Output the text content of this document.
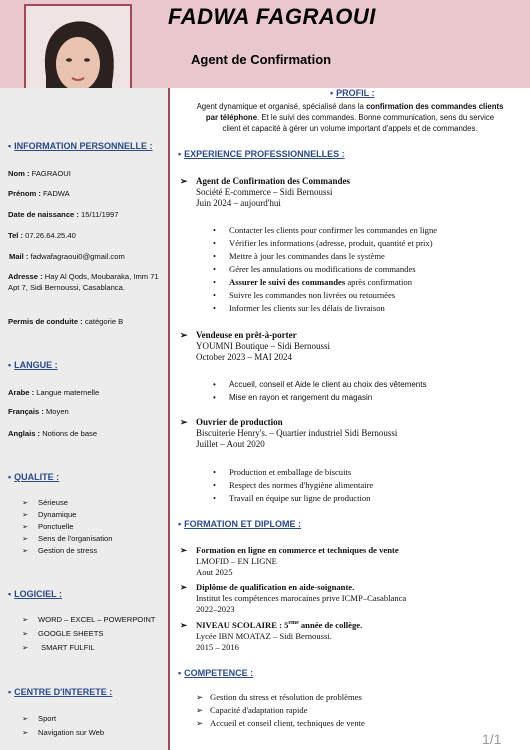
FADWA FAGRAOUI
Agent de Confirmation
• INFORMATION PERSONNELLE :
Nom : FAGRAOUI
Prénom : FADWA
Date de naissance : 15/11/1997
Tel : 07.26.64.25.40
Mail : fadwafagraoui0@gmail.com
Adresse : Hay Al Qods, Moubaraka, Imm 71 Apt 7, Sidi Bernoussi, Casablanca.
Permis de conduite : catégorie B
• LANGUE :
Arabe : Langue maternelle
Français : Moyen
Anglais : Notions de base
• QUALITE :
➢ Sérieuse
➢ Dynamique
➢ Ponctuelle
➢ Sens de l'organisation
➢ Gestion de stress
• LOGICIEL :
➢ WORD – EXCEL – POWERPOINT
➢ GOOGLE SHEETS
➢ SMART FULFIL
• CENTRE D'INTERETE :
➢ Sport
➢ Navigation sur Web
• PROFIL :
Agent dynamique et organisé, spécialisé dans la confirmation des commandes clients
par téléphone. Et le suivi des commandes. Bonne communication, sens du service
client et capacité à gérer un volume important d'appels et de commandes.
• EXPERIENCE PROFESSIONNELLES :
➢ Agent de Confirmation des Commandes
Société E-commerce – Sidi Bernoussi
Juin 2024 – aujourd'hui
• Contacter les clients pour confirmer les commandes en ligne
• Vérifier les informations (adresse, produit, quantité et prix)
• Mettre à jour les commandes dans le système
• Gérer les annulations ou modifications de commandes
• Assurer le suivi des commandes après confirmation
• Suivre les commandes non livrées ou retournées
• Informer les clients sur les délais de livraison
➢ Vendeuse en prêt-à-porter
YOUMNI Boutique – Sidi Bernoussi
October 2023 – MAI 2024
• Accueil, conseil et Aide le client au choix des vêtements
• Mise en rayon et rangement du magasin
➢ Ouvrier de production
Biscuiterie Henry's. – Quartier industriel Sidi Bernoussi
Juillet – Aout 2020
• Production et emballage de biscuits
• Respect des normes d'hygiène alimentaire
• Travail en équipe sur ligne de production
• FORMATION ET DIPLOME :
➢ Formation en ligne en commerce et techniques de vente
LMOFID – EN LIGNE
Aout 2025
➢ Diplôme de qualification en aide-soignante.
Institut les compétences marocaines prive ICMP–Casablanca
2022–2023
➢ NIVEAU SCOLAIRE : 5eme année de collège.
Lycée IBN MOATAZ – Sidi Bernoussi.
2015 – 2016
• COMPETENCE :
➢ Gestion du stress et résolution de problèmes
➢ Capacité d'adaptation rapide
➢ Accueil et conseil client, techniques de vente
1/1
